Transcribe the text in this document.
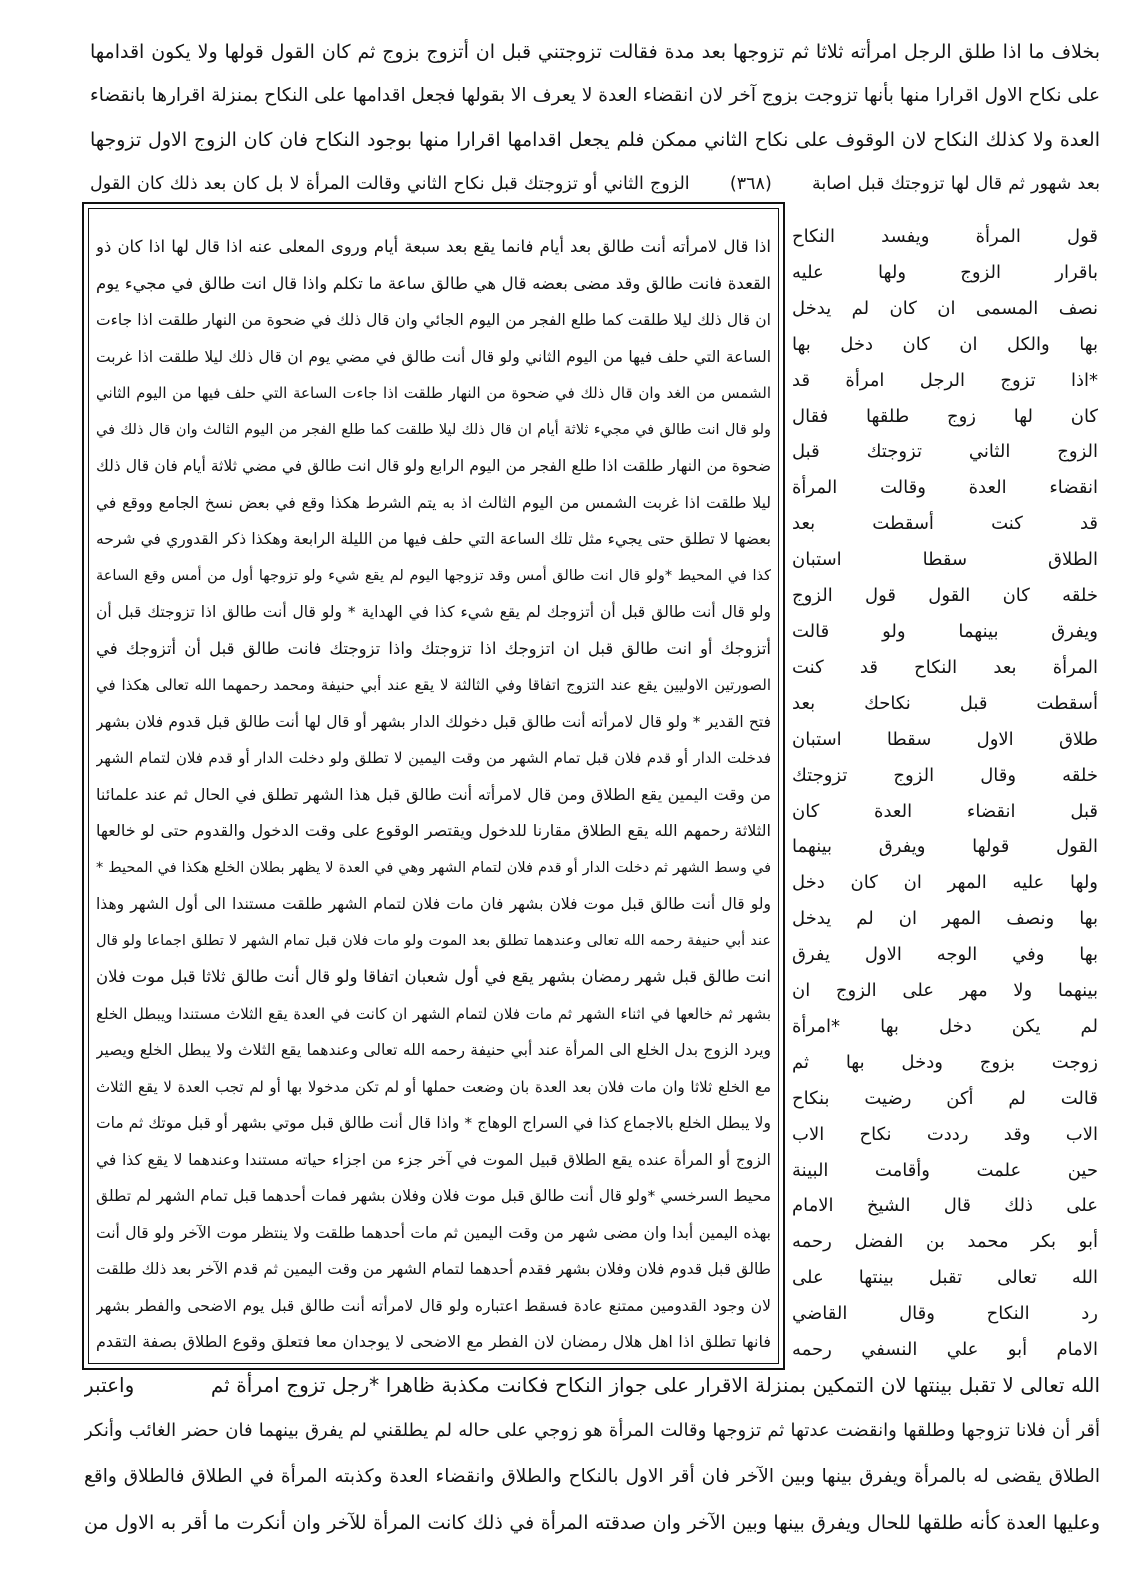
بخلاف ما اذا طلق الرجل امرأته ثلاثا ثم تزوجها بعد مدة فقالت تزوجتني قبل ان أتزوج بزوج ثم كان القول قولها ولا يكون اقدامها
على نكاح الاول اقرارا منها بأنها تزوجت بزوج آخر لان انقضاء العدة لا يعرف الا بقولها فجعل اقدامها على النكاح بمنزلة اقرارها بانقضاء
العدة ولا كذلك النكاح لان الوقوف على نكاح الثاني ممكن فلم يجعل اقدامها اقرارا منها بوجود النكاح فان كان الزوج الاول تزوجها
بعد شهور ثم قال لها تزوجتك قبل اصابة (٣٦٨) الزوج الثاني أو تزوجتك قبل نكاح الثاني وقالت المرأة لا بل كان بعد ذلك كان القول
اذا قال لامرأته أنت طالق بعد أيام فانما يقع بعد سبعة أيام وروى المعلى عنه اذا قال لها اذا كان ذو
القعدة فانت طالق وقد مضى بعضه قال هي طالق ساعة ما تكلم واذا قال انت طالق في مجيء يوم
ان قال ذلك ليلا طلقت كما طلع الفجر من اليوم الجائي وان قال ذلك في ضحوة من النهار طلقت اذا جاءت
الساعة التي حلف فيها من اليوم الثاني ولو قال أنت طالق في مضي يوم ان قال ذلك ليلا طلقت اذا غربت
الشمس من الغد وان قال ذلك في ضحوة من النهار طلقت اذا جاءت الساعة التي حلف فيها من اليوم الثاني
ولو قال انت طالق في مجيء ثلاثة أيام ان قال ذلك ليلا طلقت كما طلع الفجر من اليوم الثالث وان قال ذلك في
ضحوة من النهار طلقت اذا طلع الفجر من اليوم الرابع ولو قال انت طالق في مضي ثلاثة أيام فان قال ذلك
ليلا طلقت اذا غربت الشمس من اليوم الثالث اذ به يتم الشرط هكذا وقع في بعض نسخ الجامع ووقع في
بعضها لا تطلق حتى يجيء مثل تلك الساعة التي حلف فيها من الليلة الرابعة وهكذا ذكر القدوري في شرحه
كذا في المحيط *ولو قال انت طالق أمس وقد تزوجها اليوم لم يقع شيء ولو تزوجها أول من أمس وقع الساعة
ولو قال أنت طالق قبل أن أتزوجك لم يقع شيء كذا في الهداية * ولو قال أنت طالق اذا تزوجتك قبل أن
أتزوجك أو انت طالق قبل ان اتزوجك اذا تزوجتك واذا تزوجتك فانت طالق قبل أن أتزوجك في
الصورتين الاوليين يقع عند التزوج اتفاقا وفي الثالثة لا يقع عند أبي حنيفة ومحمد رحمهما الله تعالى هكذا في
فتح القدير * ولو قال لامرأته أنت طالق قبل دخولك الدار بشهر أو قال لها أنت طالق قبل قدوم فلان بشهر
فدخلت الدار أو قدم فلان قبل تمام الشهر من وقت اليمين لا تطلق ولو دخلت الدار أو قدم فلان لتمام الشهر
من وقت اليمين يقع الطلاق ومن قال لامرأته أنت طالق قبل هذا الشهر تطلق في الحال ثم عند علمائنا
الثلاثة رحمهم الله يقع الطلاق مقارنا للدخول ويقتصر الوقوع على وقت الدخول والقدوم حتى لو خالعها
في وسط الشهر ثم دخلت الدار أو قدم فلان لتمام الشهر وهي في العدة لا يظهر بطلان الخلع هكذا في المحيط *
ولو قال أنت طالق قبل موت فلان بشهر فان مات فلان لتمام الشهر طلقت مستندا الى أول الشهر وهذا
عند أبي حنيفة رحمه الله تعالى وعندهما تطلق بعد الموت ولو مات فلان قبل تمام الشهر لا تطلق اجماعا ولو قال
انت طالق قبل شهر رمضان بشهر يقع في أول شعبان اتفاقا ولو قال أنت طالق ثلاثا قبل موت فلان
بشهر ثم خالعها في اثناء الشهر ثم مات فلان لتمام الشهر ان كانت في العدة يقع الثلاث مستندا ويبطل الخلع
ويرد الزوج بدل الخلع الى المرأة عند أبي حنيفة رحمه الله تعالى وعندهما يقع الثلاث ولا يبطل الخلع ويصير
مع الخلع ثلاثا وان مات فلان بعد العدة بان وضعت حملها أو لم تكن مدخولا بها أو لم تجب العدة لا يقع الثلاث
ولا يبطل الخلع بالاجماع كذا في السراج الوهاج * واذا قال أنت طالق قبل موتي بشهر أو قبل موتك ثم مات
الزوج أو المرأة عنده يقع الطلاق قبيل الموت في آخر جزء من اجزاء حياته مستندا وعندهما لا يقع كذا في
محيط السرخسي *ولو قال أنت طالق قبل موت فلان وفلان بشهر فمات أحدهما قبل تمام الشهر لم تطلق
بهذه اليمين أبدا وان مضى شهر من وقت اليمين ثم مات أحدهما طلقت ولا ينتظر موت الآخر ولو قال أنت
طالق قبل قدوم فلان وفلان بشهر فقدم أحدهما لتمام الشهر من وقت اليمين ثم قدم الآخر بعد ذلك طلقت
لان وجود القدومين ممتنع عادة فسقط اعتباره ولو قال لامرأته أنت طالق قبل يوم الاضحى والفطر بشهر
فانها تطلق اذا اهل هلال رمضان لان الفطر مع الاضحى لا يوجدان معا فتعلق وقوع الطلاق بصفة التقدم
قول المرأة ويفسد النكاح
باقرار الزوج ولها عليه
نصف المسمى ان كان لم يدخل
بها والكل ان كان دخل بها
*اذا تزوج الرجل امرأة قد
كان لها زوج طلقها فقال
الزوج الثاني تزوجتك قبل
انقضاء العدة وقالت المرأة
قد كنت أسقطت بعد
الطلاق سقطا استبان
خلقه كان القول قول الزوج
ويفرق بينهما ولو قالت
المرأة بعد النكاح قد كنت
أسقطت قبل نكاحك بعد
طلاق الاول سقطا استبان
خلقه وقال الزوج تزوجتك
قبل انقضاء العدة كان
القول قولها ويفرق بينهما
ولها عليه المهر ان كان دخل
بها ونصف المهر ان لم يدخل
بها وفي الوجه الاول يفرق
بينهما ولا مهر على الزوج ان
لم يكن دخل بها *امرأة
زوجت بزوج ودخل بها ثم
قالت لم أكن رضيت بنكاح
الاب وقد رددت نكاح الاب
حين علمت وأقامت البينة
على ذلك قال الشيخ الامام
أبو بكر محمد بن الفضل رحمه
الله تعالى تقبل بينتها على
رد النكاح وقال القاضي
الامام أبو علي النسفي رحمه
الله تعالى لا تقبل بينتها لان التمكين بمنزلة الاقرار على جواز النكاح فكانت مكذبة ظاهرا *رجل تزوج امرأة ثم واعتبر
أقر أن فلانا تزوجها وطلقها وانقضت عدتها ثم تزوجها وقالت المرأة هو زوجي على حاله لم يطلقني لم يفرق بينهما فان حضر الغائب وأنكر
الطلاق يقضى له بالمرأة ويفرق بينها وبين الآخر فان أقر الاول بالنكاح والطلاق وانقضاء العدة وكذبته المرأة في الطلاق فالطلاق واقع
وعليها العدة كأنه طلقها للحال ويفرق بينها وبين الآخر وان صدقته المرأة في ذلك كانت المرأة للآخر وان أنكرت ما أقر به الاول من
